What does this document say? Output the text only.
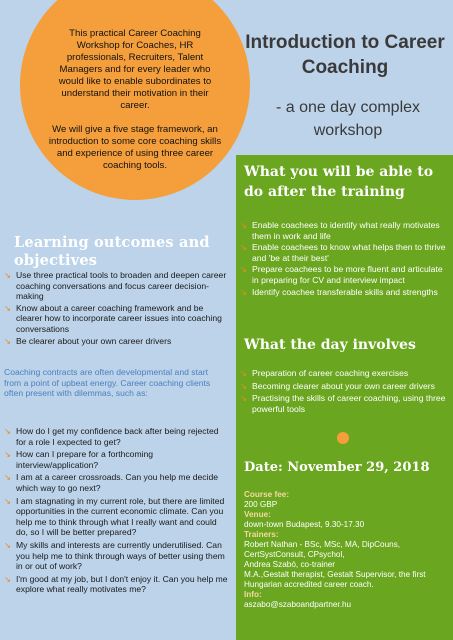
This practical Career Coaching Workshop for Coaches, HR professionals, Recruiters, Talent Managers and for every leader who would like to enable subordinates to understand their motivation in their career.

We will give a five stage framework, an introduction to some core coaching skills and experience of using three career coaching tools.

Introduction to Career Coaching
- a one day complex workshop
Learning outcomes and objectives
↘ Use three practical tools to broaden and deepen career coaching conversations and focus career decision-making
↘ Know about a career coaching framework and be clearer how to incorporate career issues into coaching conversations
↘ Be clearer about your own career drivers

Coaching contracts are often developmental and start from a point of upbeat energy. Career coaching clients often present with dilemmas, such as:

↘ How do I get my confidence back after being rejected for a role I expected to get?
↘ How can I prepare for a forthcoming interview/application?
↘ I am at a career crossroads. Can you help me decide which way to go next?
↘ I am stagnating in my current role, but there are limited opportunities in the current economic climate. Can you help me to think through what I really want and could do, so I will be better prepared?
↘ My skills and interests are currently underutilised. Can you help me to think through ways of better using them in or out of work?
↘ I'm good at my job, but I don't enjoy it. Can you help me explore what really motivates me?
What you will be able to do after the training
↘ Enable coachees to identify what really motivates them in work and life
↘ Enable coachees to know what helps then to thrive and 'be at their best'
↘ Prepare coachees to be more fluent and articulate in preparing for CV and interview impact
↘ Identify coachee transferable skills and strengths
What the day involves
↘ Preparation of career coaching exercises
↘ Becoming clearer about your own career drivers
↘ Practising the skills of career coaching, using three powerful tools
Date: November 29, 2018
Course fee:
200 GBP
Venue:
down-town Budapest, 9.30-17.30
Trainers:
Robert Nathan - BSc, MSc, MA, DipCouns, CertSystConsult, CPsychol,
Andrea Szabó, co-trainer
M.A.,Gestalt therapist, Gestalt Supervisor, the first Hungarian accredited career coach.
Info:
aszabo@szaboandpartner.hu
